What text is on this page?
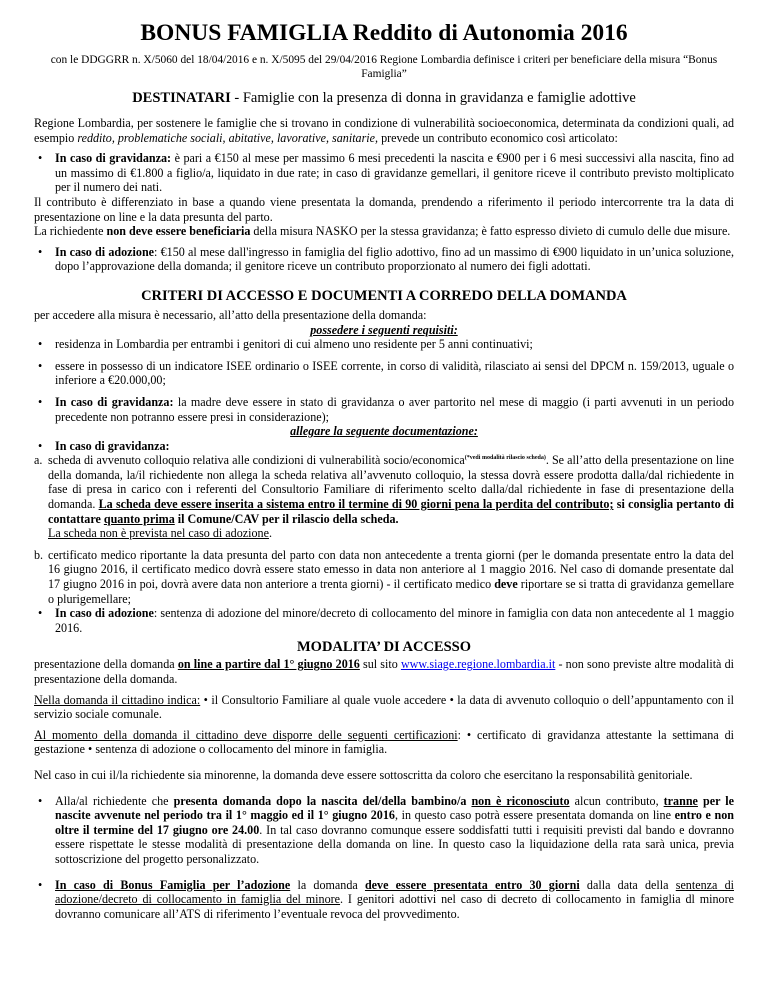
BONUS FAMIGLIA Reddito di Autonomia 2016

con le DDGGRR n. X/5060 del 18/04/2016 e n. X/5095 del 29/04/2016 Regione Lombardia definisce i criteri per beneficiare della misura “Bonus Famiglia”

DESTINATARI - Famiglie con la presenza di donna in gravidanza e famiglie adottive

Regione Lombardia, per sostenere le famiglie che si trovano in condizione di vulnerabilità socioeconomica, determinata da condizioni quali, ad esempio reddito, problematiche sociali, abitative, lavorative, sanitarie, prevede un contributo economico così articolato:

• In caso di gravidanza: è pari a €150 al mese per massimo 6 mesi precedenti la nascita e €900 per i 6 mesi successivi alla nascita, fino ad un massimo di €1.800 a figlio/a, liquidato in due rate; in caso di gravidanze gemellari, il genitore riceve il contributo previsto moltiplicato per il numero dei nati.

Il contributo è differenziato in base a quando viene presentata la domanda, prendendo a riferimento il periodo intercorrente tra la data di presentazione on line e la data presunta del parto.

La richiedente non deve essere beneficiaria della misura NASKO per la stessa gravidanza; è fatto espresso divieto di cumulo delle due misure.

• In caso di adozione: €150 al mese dall'ingresso in famiglia del figlio adottivo, fino ad un massimo di €900 liquidato in un’unica soluzione, dopo l’approvazione della domanda; il genitore riceve un contributo proporzionato al numero dei figli adottati.
CRITERI DI ACCESSO E DOCUMENTI A CORREDO DELLA DOMANDA

per accedere alla misura è necessario, all’atto della presentazione della domanda:

possedere i seguenti requisiti:

• residenza in Lombardia per entrambi i genitori di cui almeno uno residente per 5 anni continuativi;
• essere in possesso di un indicatore ISEE ordinario o ISEE corrente, in corso di validità, rilasciato ai sensi del DPCM n. 159/2013, uguale o inferiore a €20.000,00;
• In caso di gravidanza: la madre deve essere in stato di gravidanza o aver partorito nel mese di maggio (i parti avvenuti in un periodo precedente non potranno essere presi in considerazione);

allegare la seguente documentazione:

• In caso di gravidanza:
a. scheda di avvenuto colloquio relativa alle condizioni di vulnerabilità socio/economica$^{(*vedi modalità rilascio scheda)}$. Se all’atto della presentazione on line della domanda, la/il richiedente non allega la scheda relativa all’avvenuto colloquio, la stessa dovrà essere prodotta dalla/dal richiedente in fase di presa in carico con i referenti del Consultorio Familiare di riferimento scelto dalla/dal richiedente in fase di presentazione della domanda. La scheda deve essere inserita a sistema entro il termine di 90 giorni pena la perdita del contributo; si consiglia pertanto di contattare quanto prima il Comune/CAV per il rilascio della scheda.
La scheda non è prevista nel caso di adozione.
b. certificato medico riportante la data presunta del parto con data non antecedente a trenta giorni (per le domanda presentate entro la data del 16 giugno 2016, il certificato medico dovrà essere stato emesso in data non anteriore al 1 maggio 2016. Nel caso di domande presentate dal 17 giugno 2016 in poi, dovrà avere data non anteriore a trenta giorni) - il certificato medico deve riportare se si tratta di gravidanza gemellare o plurigemellare;
• In caso di adozione: sentenza di adozione del minore/decreto di collocamento del minore in famiglia con data non antecedente al 1 maggio 2016.
MODALITA’ DI ACCESSO

presentazione della domanda on line a partire dal 1° giugno 2016 sul sito www.siage.regione.lombardia.it - non sono previste altre modalità di presentazione della domanda.

Nella domanda il cittadino indica: • il Consultorio Familiare al quale vuole accedere • la data di avvenuto colloquio o dell’appuntamento con il servizio sociale comunale.

Al momento della domanda il cittadino deve disporre delle seguenti certificazioni: • certificato di gravidanza attestante la settimana di gestazione • sentenza di adozione o collocamento del minore in famiglia.

Nel caso in cui il/la richiedente sia minorenne, la domanda deve essere sottoscritta da coloro che esercitano la responsabilità genitoriale.

• Alla/al richiedente che presenta domanda dopo la nascita del/della bambino/a non è riconosciuto alcun contributo, tranne per le nascite avvenute nel periodo tra il 1° maggio ed il 1° giugno 2016, in questo caso potrà essere presentata domanda on line entro e non oltre il termine del 17 giugno ore 24.00. In tal caso dovranno comunque essere soddisfatti tutti i requisiti previsti dal bando e dovranno essere rispettate le stesse modalità di presentazione della domanda on line. In questo caso la liquidazione della rata sarà unica, previa sottoscrizione del progetto personalizzato.
• In caso di Bonus Famiglia per l’adozione la domanda deve essere presentata entro 30 giorni dalla data della sentenza di adozione/decreto di collocamento in famiglia del minore. I genitori adottivi nel caso di decreto di collocamento in famiglia dl minore dovranno comunicare all’ATS di riferimento l’eventuale revoca del provvedimento.
